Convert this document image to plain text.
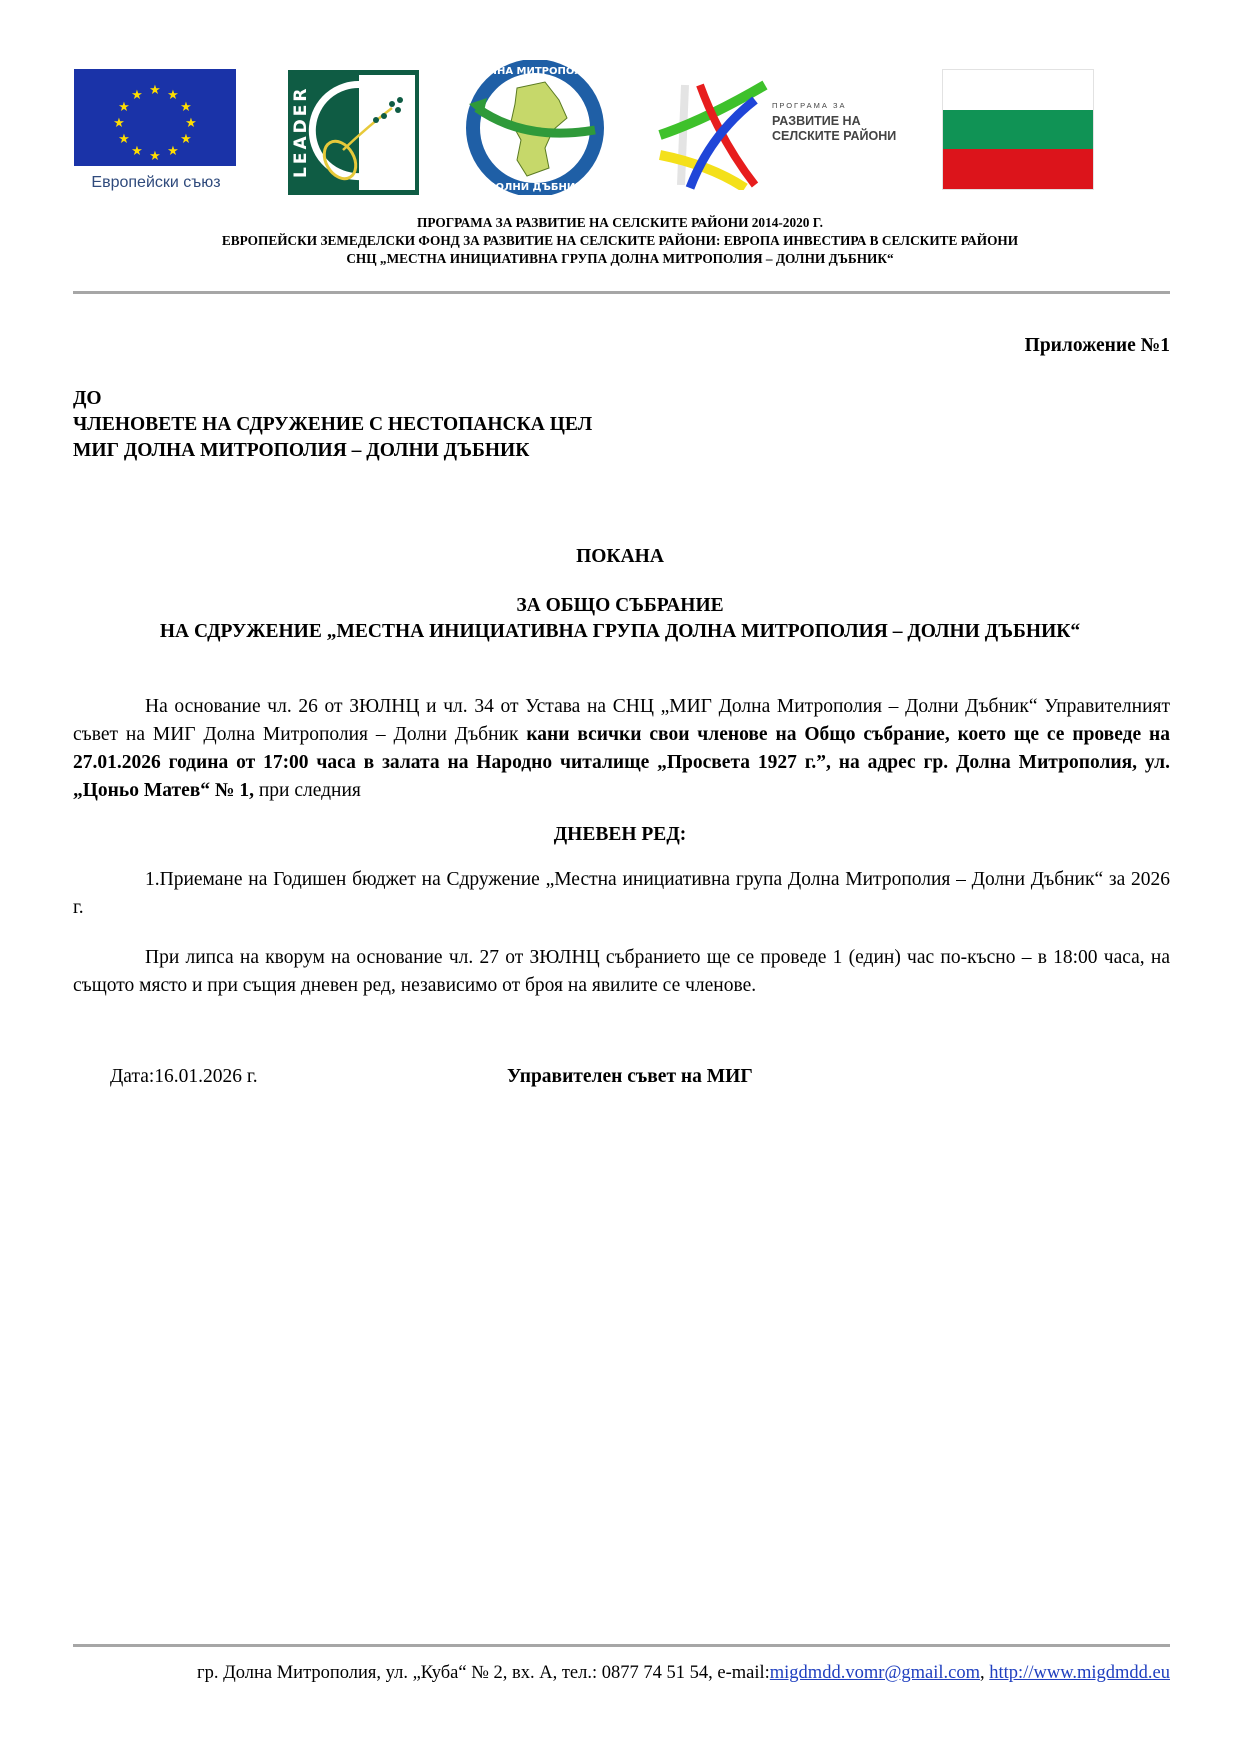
★ ★
★
★
★
★
★
★
★
★
★
★
Европейски съюз
LEADER
ДОЛНА МИТРОПОЛИЯ
ДОЛНИ ДЪБНИК
ПРОГРАМА ЗА
РАЗВИТИЕ НА
СЕЛСКИТЕ РАЙОНИ
ПРОГРАМА ЗА РАЗВИТИЕ НА СЕЛСКИТЕ РАЙОНИ 2014-2020 Г.
ЕВРОПЕЙСКИ ЗЕМЕДЕЛСКИ ФОНД ЗА РАЗВИТИЕ НА СЕЛСКИТЕ РАЙОНИ: ЕВРОПА ИНВЕСТИРА В СЕЛСКИТЕ РАЙОНИ
СНЦ „МЕСТНА ИНИЦИАТИВНА ГРУПА ДОЛНА МИТРОПОЛИЯ – ДОЛНИ ДЪБНИК“
Приложение №1
ДО
ЧЛЕНОВЕТЕ НА СДРУЖЕНИЕ С НЕСТОПАНСКА ЦЕЛ
МИГ ДОЛНА МИТРОПОЛИЯ – ДОЛНИ ДЪБНИК
ПОКАНА
ЗА ОБЩО СЪБРАНИЕ
НА СДРУЖЕНИЕ „МЕСТНА ИНИЦИАТИВНА ГРУПА ДОЛНА МИТРОПОЛИЯ – ДОЛНИ ДЪБНИК“
На основание чл. 26 от ЗЮЛНЦ и чл. 34 от Устава на СНЦ „МИГ Долна Митрополия – Долни Дъбник“ Управителният съвет на МИГ Долна Митрополия – Долни Дъбник кани всички свои членове на Общо събрание, което ще се проведе на 27.01.2026 година от 17:00 часа в залата на Народно читалище „Просвета 1927 г.”, на адрес гр. Долна Митрополия, ул. „Цоньо Матев“ № 1, при следния
ДНЕВЕН РЕД:
1.Приемане на Годишен бюджет на Сдружение „Местна инициативна група Долна Митрополия – Долни Дъбник“ за 2026 г.
При липса на кворум на основание чл. 27 от ЗЮЛНЦ събранието ще се проведе 1 (един) час по-късно – в 18:00 часа, на същото място и при същия дневен ред, независимо от броя на явилите се членове.
Дата:16.01.2026 г.	Управителен съвет на МИГ
гр. Долна Митрополия, ул. „Куба“ № 2, вх. А, тел.: 0877 74 51 54, e-mail:migdmdd.vomr@gmail.com, http://www.migdmdd.eu
